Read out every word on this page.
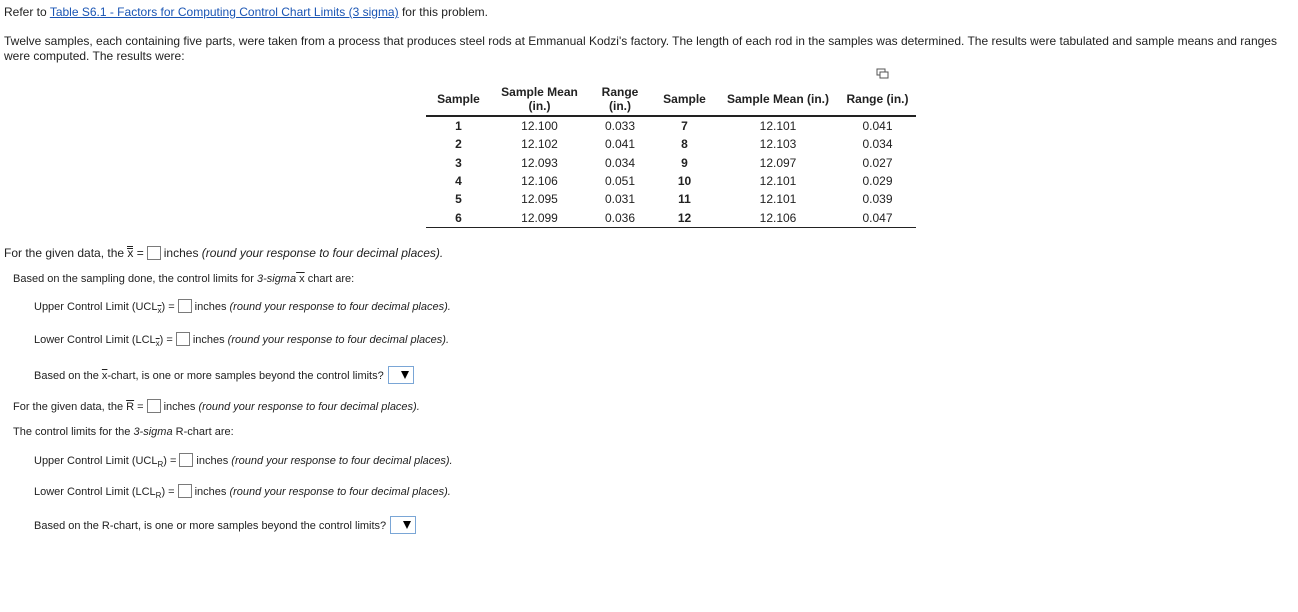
Refer to Table S6.1 - Factors for Computing Control Chart Limits (3 sigma) for this problem.
Twelve samples, each containing five parts, were taken from a process that produces steel rods at Emmanual Kodzi's factory. The length of each rod in the samples was determined. The results were tabulated and sample means and ranges were computed. The results were:
Sample	Sample Mean (in.)	Range (in.)	Sample	Sample Mean (in.)	Range (in.)
1	12.100	0.033	7	12.101	0.041
2	12.102	0.041	8	12.103	0.034
3	12.093	0.034	9	12.097	0.027
4	12.106	0.051	10	12.101	0.029
5	12.095	0.031	11	12.101	0.039
6	12.099	0.036	12	12.106	0.047
For the given data, the x = inches (round your response to four decimal places).
Based on the sampling done, the control limits for 3-sigma x chart are:
Upper Control Limit $(UCL_{\overline{x}})$ = inches (round your response to four decimal places).
Lower Control Limit $(LCL_{\overline{x}})$ = inches (round your response to four decimal places).
Based on the $\overline{x}$-chart, is one or more samples beyond the control limits?
For the given data, the $\overline{R}$ = inches (round your response to four decimal places).
The control limits for the 3-sigma R-chart are:
Upper Control Limit $(UCL_R)$ = inches (round your response to four decimal places).
Lower Control Limit $(LCL_R)$ = inches (round your response to four decimal places).
Based on the R-chart, is one or more samples beyond the control limits?
